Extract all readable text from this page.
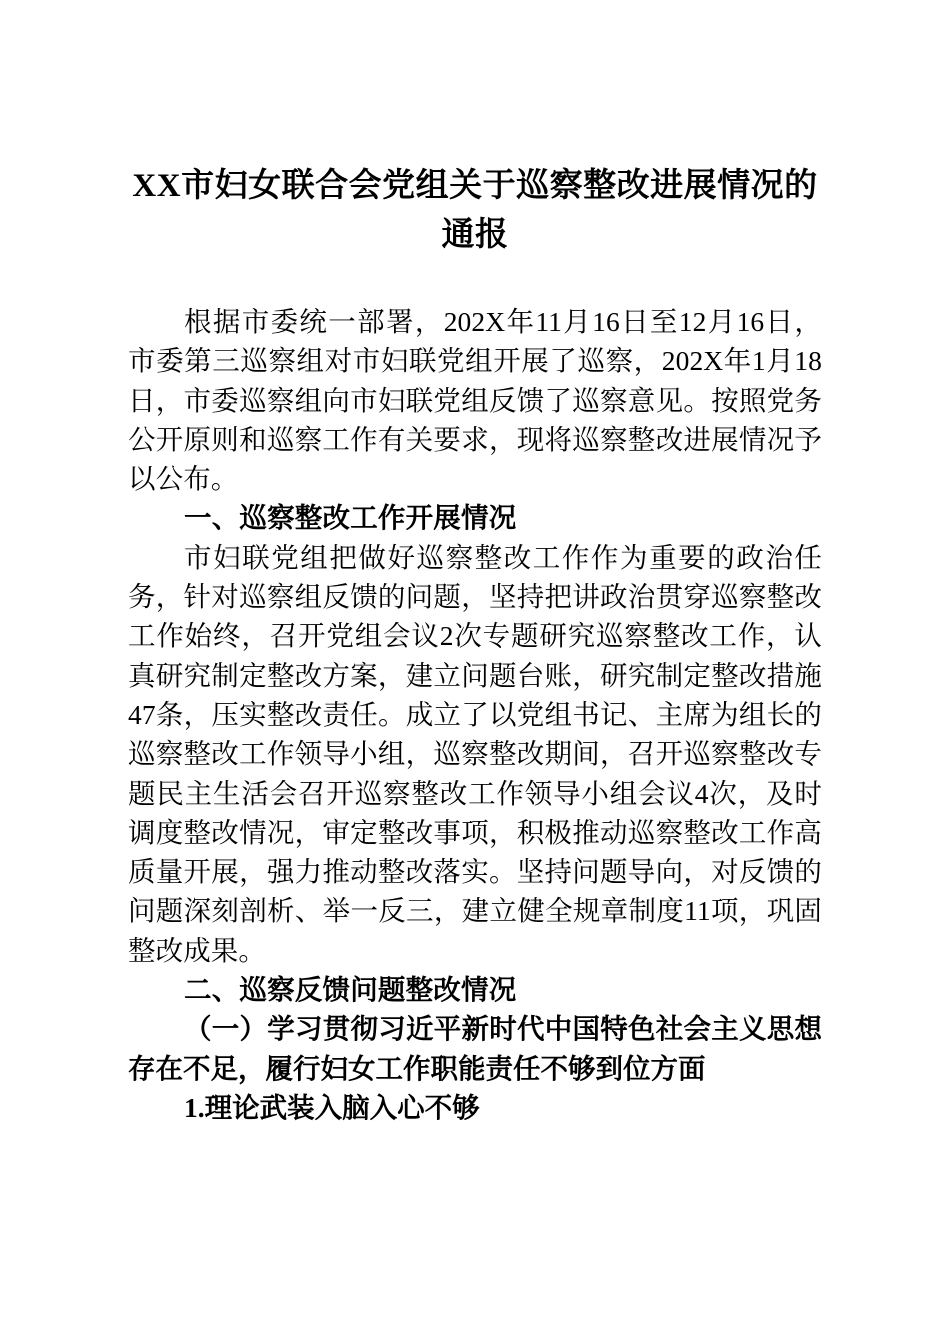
XX市妇女联合会党组关于巡察整改进展情况的通报

根据市委统一部署，202X年11月16日至12月16日，市委第三巡察组对市妇联党组开展了巡察，202X年1月18日，市委巡察组向市妇联党组反馈了巡察意见。按照党务公开原则和巡察工作有关要求，现将巡察整改进展情况予以公布。

一、巡察整改工作开展情况

市妇联党组把做好巡察整改工作作为重要的政治任务，针对巡察组反馈的问题，坚持把讲政治贯穿巡察整改工作始终，召开党组会议2次专题研究巡察整改工作，认真研究制定整改方案，建立问题台账，研究制定整改措施47条，压实整改责任。成立了以党组书记、主席为组长的巡察整改工作领导小组，巡察整改期间，召开巡察整改专题民主生活会召开巡察整改工作领导小组会议4次，及时调度整改情况，审定整改事项，积极推动巡察整改工作高质量开展，强力推动整改落实。坚持问题导向，对反馈的问题深刻剖析、举一反三，建立健全规章制度11项，巩固整改成果。

二、巡察反馈问题整改情况

（一）学习贯彻习近平新时代中国特色社会主义思想存在不足，履行妇女工作职能责任不够到位方面

1.理论武装入脑入心不够
